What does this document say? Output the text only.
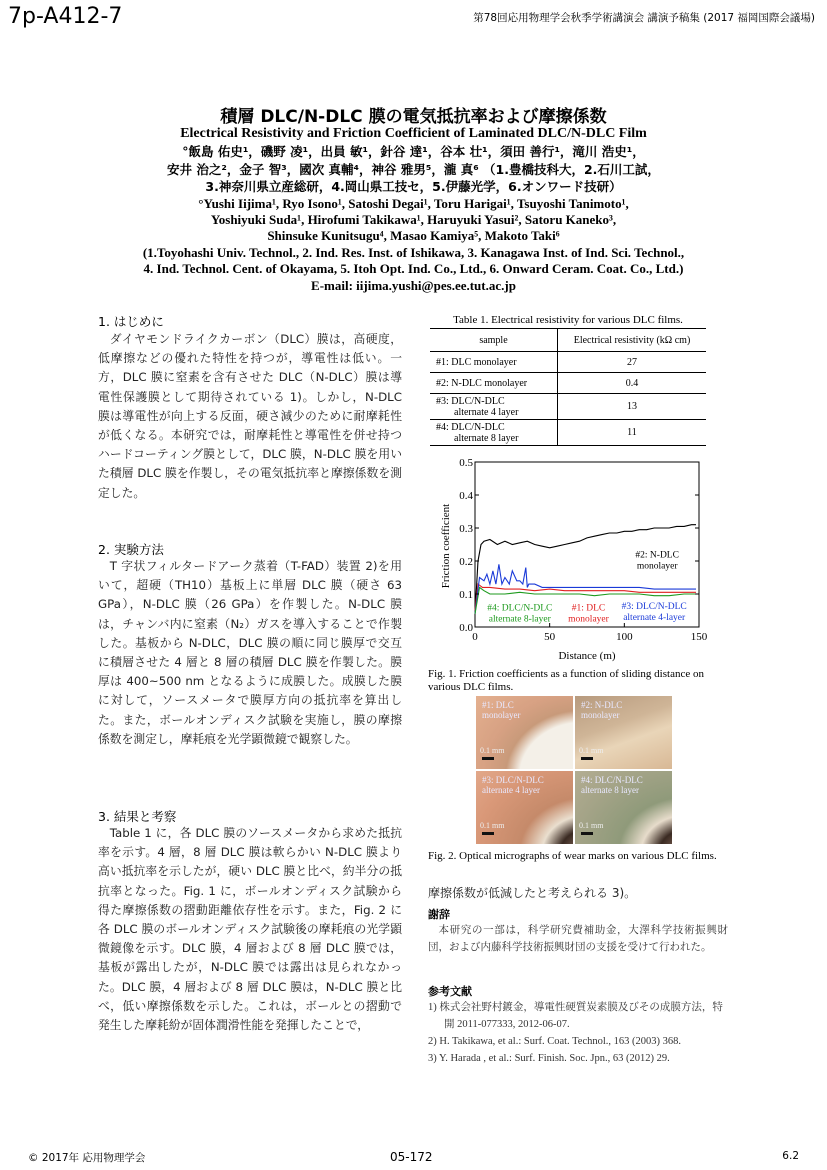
7p-A412-7	第78回応用物理学会秋季学術講演会 講演予稿集 (2017 福岡国際会議場)
積層 DLC/N-DLC 膜の電気抵抗率および摩擦係数
Electrical Resistivity and Friction Coefficient of Laminated DLC/N-DLC Film
°飯島 佑史¹，磯野 凌¹，出員 敏¹，針谷 達¹，谷本 壮¹，須田 善行¹，滝川 浩史¹，
安井 治之²，金子 智³，國次 真輔⁴，神谷 雅男⁵，瀧 真⁶ （1.豊橋技科大，2.石川工試，
3.神奈川県立産総研，4.岡山県工技セ，5.伊藤光学，6.オンワード技研）
°Yushi Iijima¹, Ryo Isono¹, Satoshi Degai¹, Toru Harigai¹, Tsuyoshi Tanimoto¹,
Yoshiyuki Suda¹, Hirofumi Takikawa¹, Haruyuki Yasui², Satoru Kaneko³,
Shinsuke Kunitsugu⁴, Masao Kamiya⁵, Makoto Taki⁶
(1.Toyohashi Univ. Technol., 2. Ind. Res. Inst. of Ishikawa, 3. Kanagawa Inst. of Ind. Sci. Technol.,
4. Ind. Technol. Cent. of Okayama, 5. Itoh Opt. Ind. Co., Ltd., 6. Onward Ceram. Coat. Co., Ltd.)
E-mail: iijima.yushi@pes.ee.tut.ac.jp
1. はじめに
ダイヤモンドライクカーボン（DLC）膜は，高硬度，低摩擦などの優れた特性を持つが，導電性は低い。一方，DLC 膜に窒素を含有させた DLC（N-DLC）膜は導電性保護膜として期待されている 1)。しかし，N-DLC 膜は導電性が向上する反面，硬さ減少のために耐摩耗性が低くなる。本研究では，耐摩耗性と導電性を併せ持つハードコーティング膜として，DLC 膜，N-DLC 膜を用いた積層 DLC 膜を作製し，その電気抵抗率と摩擦係数を測定した。
2. 実験方法
T 字状フィルタードアーク蒸着（T-FAD）装置 2)を用いて，超硬（TH10）基板上に単層 DLC 膜（硬さ 63 GPa），N-DLC 膜（26 GPa）を作製した。N-DLC 膜は，チャンバ内に窒素（N₂）ガスを導入することで作製した。基板から N-DLC，DLC 膜の順に同じ膜厚で交互に積層させた 4 層と 8 層の積層 DLC 膜を作製した。膜厚は 400~500 nm となるように成膜した。成膜した膜に対して，ソースメータで膜厚方向の抵抗率を算出した。また，ボールオンディスク試験を実施し，膜の摩擦係数を測定し，摩耗痕を光学顕微鏡で観察した。
3. 結果と考察
Table 1 に，各 DLC 膜のソースメータから求めた抵抗率を示す。4 層，8 層 DLC 膜は軟らかい N-DLC 膜より高い抵抗率を示したが，硬い DLC 膜と比べ，約半分の抵抗率となった。Fig. 1 に，ボールオンディスク試験から得た摩擦係数の摺動距離依存性を示す。また，Fig. 2 に各 DLC 膜のボールオンディスク試験後の摩耗痕の光学顕微鏡像を示す。DLC 膜，4 層および 8 層 DLC 膜では，基板が露出したが，N-DLC 膜では露出は見られなかった。DLC 膜，4 層および 8 層 DLC 膜は，N-DLC 膜と比べ，低い摩擦係数を示した。これは，ボールとの摺動で発生した摩耗紛が固体潤滑性能を発揮したことで，
Table 1. Electrical resistivity for various DLC films.
sample	Electrical resistivity (kΩ cm)

#1: DLC monolayer	27

#2: N-DLC monolayer	0.4

#3: DLC/N-DLC
alternate 4 layer	13

#4: DLC/N-DLC
alternate 8 layer	11
0	50	100	150
0.0
0.1
0.2
0.3
0.4
0.5
#2: N-DLC monolayer
#4: DLC/N-DLC alternate 8-layer
#1: DLC monolayer
#3: DLC/N-DLC alternate 4-layer
Distance (m)
Friction coefficient
Fig. 1. Friction coefficients as a function of sliding distance on various DLC films.
#1: DLC
monolayer
0.1 mm
#2: N-DLC
monolayer
0.1 mm
#3: DLC/N-DLC
alternate 4 layer
0.1 mm
#4: DLC/N-DLC
alternate 8 layer
0.1 mm
Fig. 2. Optical micrographs of wear marks on various DLC films.
摩擦係数が低減したと考えられる 3)。
謝辞
本研究の一部は，科学研究費補助金，大澤科学技術振興財団，および内藤科学技術振興財団の支援を受けて行われた。
参考文献
1) 株式会社野村鍍金，導電性硬質炭素膜及びその成膜方法，特開 2011-077333, 2012-06-07.
2) H. Takikawa, et al.: Surf. Coat. Technol., 163 (2003) 368.
3) Y. Harada , et al.: Surf. Finish. Soc. Jpn., 63 (2012) 29.
© 2017年 応用物理学会	05-172	6.2
